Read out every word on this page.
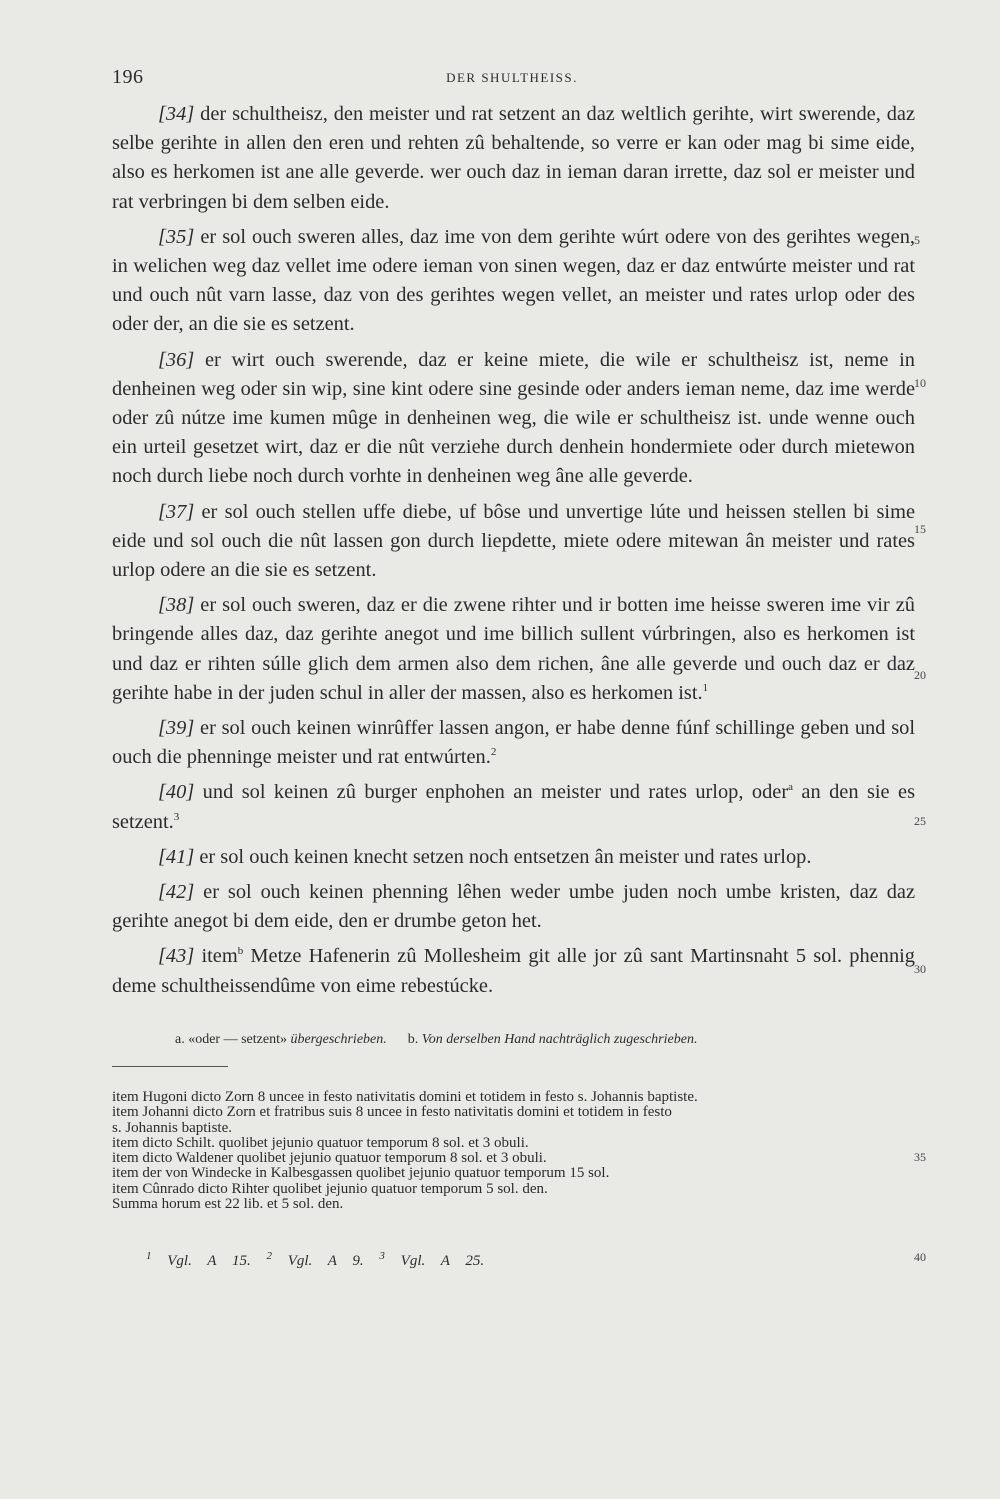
196	DER SHULTHEISS.

[34] der schultheisz, den meister und rat setzent an daz weltlich gerihte, wirt swerende, daz selbe gerihte in allen den eren und rehten zû behaltende, so verre er kan oder mag bi sime eide, also es herkomen ist ane alle geverde. wer ouch daz in ieman daran irrette, daz sol er meister und rat verbringen bi dem selben eide.

[35] er sol ouch sweren alles, daz ime von dem gerihte wúrt odere von des gerihtes wegen, in welichen weg daz vellet ime odere ieman von sinen wegen, daz er daz entwúrte meister und rat und ouch nût varn lasse, daz von des gerihtes wegen vellet, an meister und rates urlop oder des oder der, an die sie es setzent.

[36] er wirt ouch swerende, daz er keine miete, die wile er schultheisz ist, neme in denheinen weg oder sin wip, sine kint odere sine gesinde oder anders ieman neme, daz ime werde oder zû nútze ime kumen mûge in denheinen weg, die wile er schultheisz ist. unde wenne ouch ein urteil gesetzet wirt, daz er die nût verziehe durch denhein hondermiete oder durch mietewon noch durch liebe noch durch vorhte in denheinen weg âne alle geverde.

[37] er sol ouch stellen uffe diebe, uf bôse und unvertige lúte und heissen stellen bi sime eide und sol ouch die nût lassen gon durch liepdette, miete odere mitewan ân meister und rates urlop odere an die sie es setzent.

[38] er sol ouch sweren, daz er die zwene rihter und ir botten ime heisse sweren ime vir zû bringende alles daz, daz gerihte anegot und ime billich sullent vúrbringen, also es herkomen ist und daz er rihten súlle glich dem armen also dem richen, âne alle geverde und ouch daz er daz gerihte habe in der juden schul in aller der massen, also es herkomen ist.$^1$

[39] er sol ouch keinen winrûffer lassen angon, er habe denne fúnf schillinge geben und sol ouch die phenninge meister und rat entwúrten.$^2$

[40] und sol keinen zû burger enphohen an meister und rates urlop, oder$^a$ an den sie es setzent.$^3$

[41] er sol ouch keinen knecht setzen noch entsetzen ân meister und rates urlop.

[42] er sol ouch keinen phenning lêhen weder umbe juden noch umbe kristen, daz daz gerihte anegot bi dem eide, den er drumbe geton het.

[43] item$^b$ Metze Hafenerin zû Mollesheim git alle jor zû sant Martinsnaht 5 sol. phennig deme schultheissendûme von eime rebestúcke.

5
10
15
20
25
30
35
40
a. «oder — setzent» übergeschrieben. b. Von derselben Hand nachträglich zugeschrieben.

item Hugoni dicto Zorn 8 uncee in festo nativitatis domini et totidem in festo s. Johannis baptiste.

item Johanni dicto Zorn et fratribus suis 8 uncee in festo nativitatis domini et totidem in festo

s. Johannis baptiste.

item dicto Schilt. quolibet jejunio quatuor temporum 8 sol. et 3 obuli.

item dicto Waldener quolibet jejunio quatuor temporum 8 sol. et 3 obuli.

item der von Windecke in Kalbesgassen quolibet jejunio quatuor temporum 15 sol.

item Cûnrado dicto Rihter quolibet jejunio quatuor temporum 5 sol. den.

Summa horum est 22 lib. et 5 sol. den.

$^1$ Vgl. A 15. $^2$ Vgl. A 9. $^3$ Vgl. A 25.
